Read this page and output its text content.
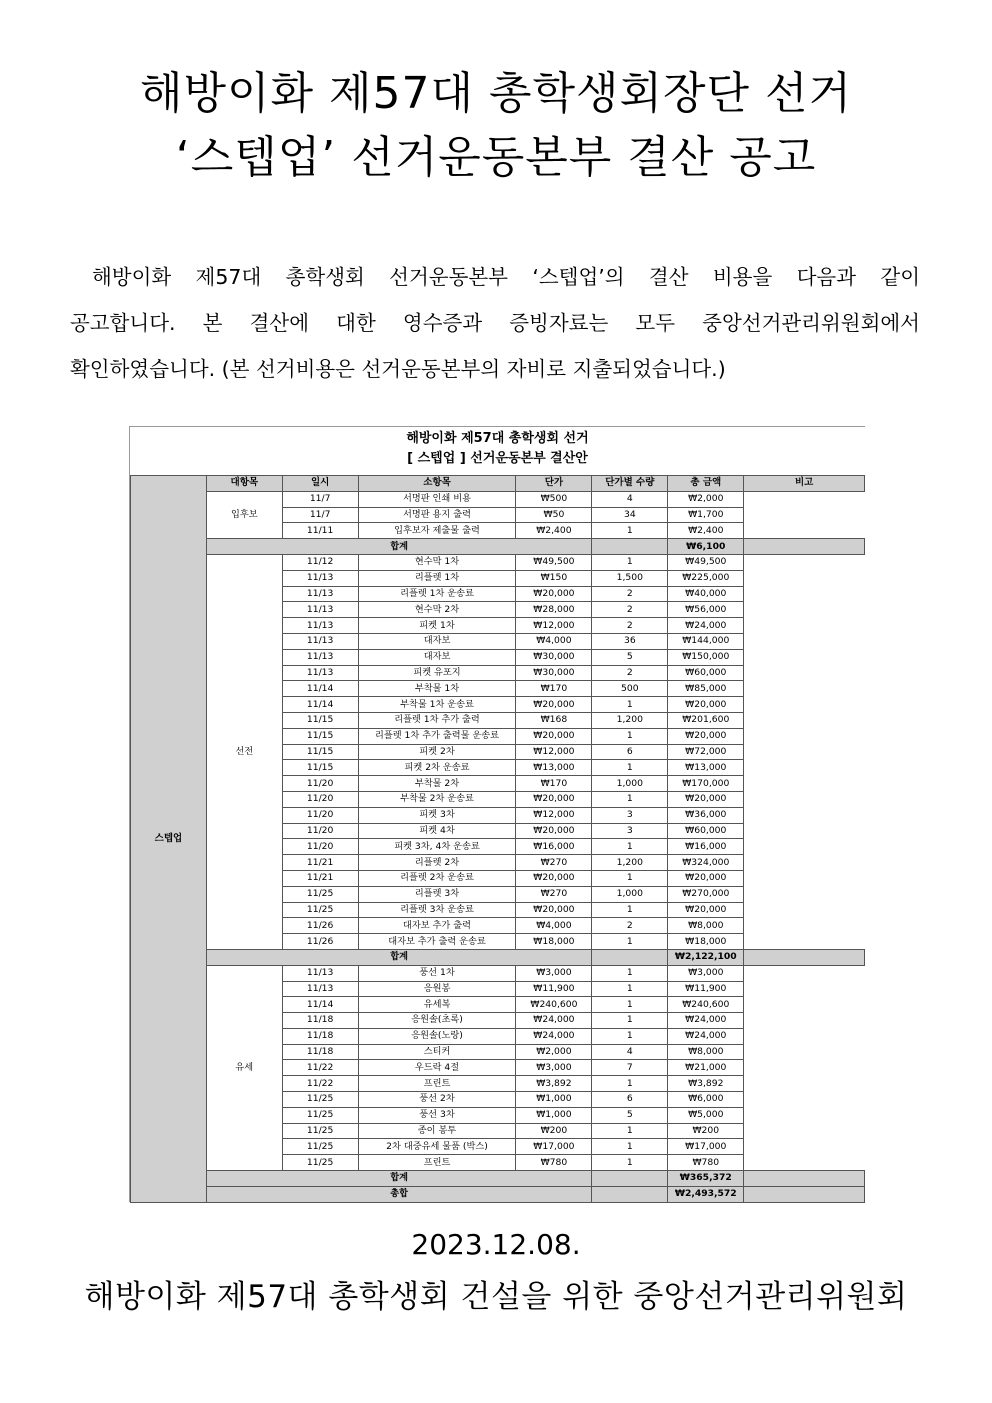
해방이화 제57대 총학생회장단 선거
‘스텝업’ 선거운동본부 결산 공고
해방이화 제57대 총학생회 선거운동본부 ‘스텝업’의 결산 비용을 다음과 같이
공고합니다. 본 결산에 대한 영수증과 증빙자료는 모두 중앙선거관리위원회에서
확인하였습니다. (본 선거비용은 선거운동본부의 자비로 지출되었습니다.)
해방이화 제57대 총학생회 선거
[ 스텝업 ] 선거운동본부 결산안
스텝업	대항목	일시	소항목	단가	단가별 수량	총 금액	비고
	입후보	11/7	서명판 인쇄 비용	₩500	4	₩2,000	
		11/7	서명판 용지 출력	₩50	34	₩1,700	
		11/11	입후보자 제출물 출력	₩2,400	1	₩2,400	
	합계					₩6,100	
	선전	11/12	현수막 1차	₩49,500	1	₩49,500	
		11/13	리플렛 1차	₩150	1,500	₩225,000	
		11/13	리플렛 1차 운송료	₩20,000	2	₩40,000	
		11/13	현수막 2차	₩28,000	2	₩56,000	
		11/13	피켓 1차	₩12,000	2	₩24,000	
		11/13	대자보	₩4,000	36	₩144,000	
		11/13	대자보	₩30,000	5	₩150,000	
		11/13	피켓 유포지	₩30,000	2	₩60,000	
		11/14	부착물 1차	₩170	500	₩85,000	
		11/14	부착물 1차 운송료	₩20,000	1	₩20,000	
		11/15	리플렛 1차 추가 출력	₩168	1,200	₩201,600	
		11/15	리플렛 1차 추가 출력물 운송료	₩20,000	1	₩20,000	
		11/15	피켓 2차	₩12,000	6	₩72,000	
		11/15	피켓 2차 운송료	₩13,000	1	₩13,000	
		11/20	부착물 2차	₩170	1,000	₩170,000	
		11/20	부착물 2차 운송료	₩20,000	1	₩20,000	
		11/20	피켓 3차	₩12,000	3	₩36,000	
		11/20	피켓 4차	₩20,000	3	₩60,000	
		11/20	피켓 3차, 4차 운송료	₩16,000	1	₩16,000	
		11/21	리플렛 2차	₩270	1,200	₩324,000	
		11/21	리플렛 2차 운송료	₩20,000	1	₩20,000	
		11/25	리플렛 3차	₩270	1,000	₩270,000	
		11/25	리플렛 3차 운송료	₩20,000	1	₩20,000	
		11/26	대자보 추가 출력	₩4,000	2	₩8,000	
		11/26	대자보 추가 출력 운송료	₩18,000	1	₩18,000	
	합계					₩2,122,100	
	유세	11/13	풍선 1차	₩3,000	1	₩3,000	
		11/13	응원봉	₩11,900	1	₩11,900	
		11/14	유세복	₩240,600	1	₩240,600	
		11/18	응원솔(초록)	₩24,000	1	₩24,000	
		11/18	응원솔(노랑)	₩24,000	1	₩24,000	
		11/18	스티커	₩2,000	4	₩8,000	
		11/22	우드락 4절	₩3,000	7	₩21,000	
		11/22	프린트	₩3,892	1	₩3,892	
		11/25	풍선 2차	₩1,000	6	₩6,000	
		11/25	풍선 3차	₩1,000	5	₩5,000	
		11/25	종이 봉투	₩200	1	₩200	
		11/25	2차 대중유세 물품 (박스)	₩17,000	1	₩17,000	
		11/25	프린트	₩780	1	₩780	
	합계					₩365,372	
	총합					₩2,493,572	
2023.12.08.
해방이화 제57대 총학생회 건설을 위한 중앙선거관리위원회
